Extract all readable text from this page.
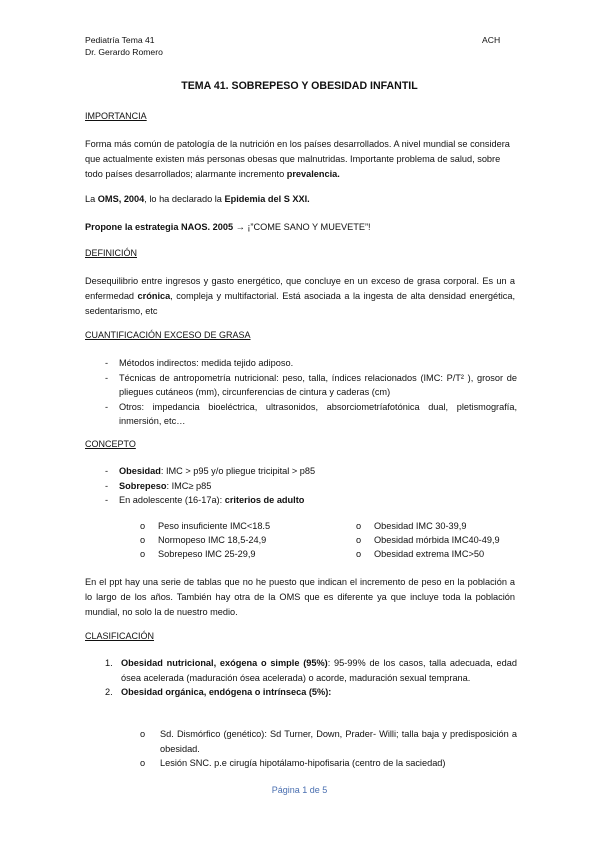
Pediatría Tema 41
Dr. Gerardo Romero
ACH
TEMA 41. SOBREPESO Y OBESIDAD INFANTIL
IMPORTANCIA
Forma más común de patología de la nutrición en los países desarrollados. A nivel mundial se considera que actualmente existen más personas obesas que malnutridas. Importante problema de salud, sobre todo países desarrollados; alarmante incremento prevalencia.
La OMS, 2004, lo ha declarado la Epidemia del S XXI.
Propone la estrategia NAOS. 2005 → ¡”COME SANO Y MUEVETE”!
DEFINICIÓN
Desequilibrio entre ingresos y gasto energético, que concluye en un exceso de grasa corporal. Es un a enfermedad crónica, compleja y multifactorial. Está asociada a la ingesta de alta densidad energética, sedentarismo, etc
CUANTIFICACIÓN EXCESO DE GRASA
- Métodos indirectos: medida tejido adiposo.
- Técnicas de antropometría nutricional: peso, talla, índices relacionados (IMC: P/T² ), grosor de pliegues cutáneos (mm), circunferencias de cintura y caderas (cm)
- Otros: impedancia bioeléctrica, ultrasonidos, absorciometríafotónica dual, pletismografía, inmersión, etc…
CONCEPTO
- Obesidad: IMC > p95 y/o pliegue tricipital > p85
- Sobrepeso: IMC≥ p85
- En adolescente (16-17a): criterios de adulto
o Peso insuficiente IMC<18.5
o Normopeso IMC 18,5-24,9
o Sobrepeso IMC 25-29,9
o Obesidad IMC 30-39,9
o Obesidad mórbida IMC40-49,9
o Obesidad extrema IMC>50
En el ppt hay una serie de tablas que no he puesto que indican el incremento de peso en la población a lo largo de los años. También hay otra de la OMS que es diferente ya que incluye toda la población mundial, no solo la de nuestro medio.
CLASIFICACIÓN
1. Obesidad nutricional, exógena o simple (95%): 95-99% de los casos, talla adecuada, edad ósea acelerada (maduración ósea acelerada) o acorde, maduración sexual temprana.
2. Obesidad orgánica, endógena o intrínseca (5%):
o Sd. Dismórfico (genético): Sd Turner, Down, Prader- Willi; talla baja y predisposición a obesidad.
o Lesión SNC. p.e cirugía hipotálamo-hipofisaria (centro de la saciedad)
Página 1 de 5
